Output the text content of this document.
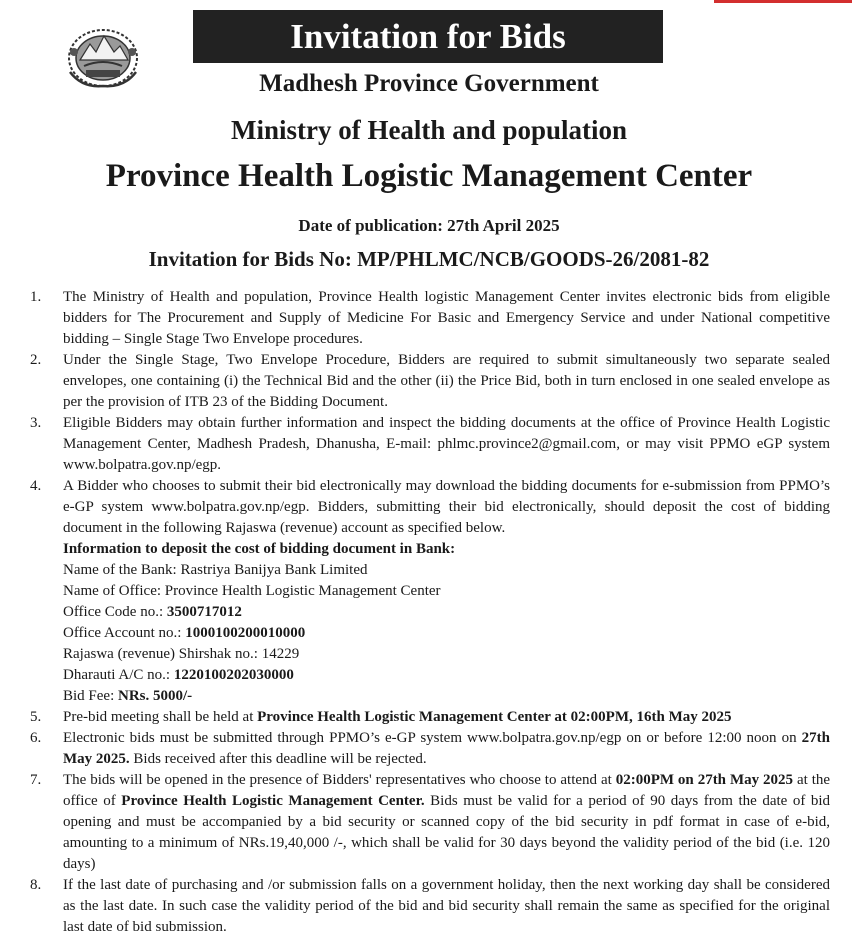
Invitation for Bids
Madhesh Province Government
Ministry of Health and population
Province Health Logistic Management Center
Date of publication: 27th April 2025
Invitation for Bids No: MP/PHLMC/NCB/GOODS-26/2081-82
1.	The Ministry of Health and population, Province Health logistic Management Center invites electronic bids from eligible bidders for The Procurement and Supply of Medicine For Basic and Emergency Service and under National competitive bidding – Single Stage Two Envelope procedures.
2.	Under the Single Stage, Two Envelope Procedure, Bidders are required to submit simultaneously two separate sealed envelopes, one containing (i) the Technical Bid and the other (ii) the Price Bid, both in turn enclosed in one sealed envelope as per the provision of ITB 23 of the Bidding Document.
3.	Eligible Bidders may obtain further information and inspect the bidding documents at the office of Province Health Logistic Management Center, Madhesh Pradesh, Dhanusha, E-mail: phlmc.province2@gmail.com, or may visit PPMO eGP system www.bolpatra.gov.np/egp.
4.	A Bidder who chooses to submit their bid electronically may download the bidding documents for e-submission from PPMO’s e-GP system www.bolpatra.gov.np/egp. Bidders, submitting their bid electronically, should deposit the cost of bidding document in the following Rajaswa (revenue) account as specified below.
Information to deposit the cost of bidding document in Bank:
Name of the Bank: Rastriya Banijya Bank Limited
Name of Office: Province Health Logistic Management Center
Office Code no.: 3500717012
Office Account no.: 1000100200010000
Rajaswa (revenue) Shirshak no.: 14229
Dharauti A/C no.: 1220100202030000
Bid Fee: NRs. 5000/-
5.	Pre-bid meeting shall be held at Province Health Logistic Management Center at 02:00PM, 16th May 2025
6.	Electronic bids must be submitted through PPMO’s e-GP system www.bolpatra.gov.np/egp on or before 12:00 noon on 27th May 2025. Bids received after this deadline will be rejected.
7.	The bids will be opened in the presence of Bidders' representatives who choose to attend at 02:00PM on 27th May 2025 at the office of Province Health Logistic Management Center. Bids must be valid for a period of 90 days from the date of bid opening and must be accompanied by a bid security or scanned copy of the bid security in pdf format in case of e-bid, amounting to a minimum of NRs.19,40,000 /-, which shall be valid for 30 days beyond the validity period of the bid (i.e. 120 days)
8.	If the last date of purchasing and /or submission falls on a government holiday, then the next working day shall be considered as the last date. In such case the validity period of the bid and bid security shall remain the same as specified for the original last date of bid submission.
